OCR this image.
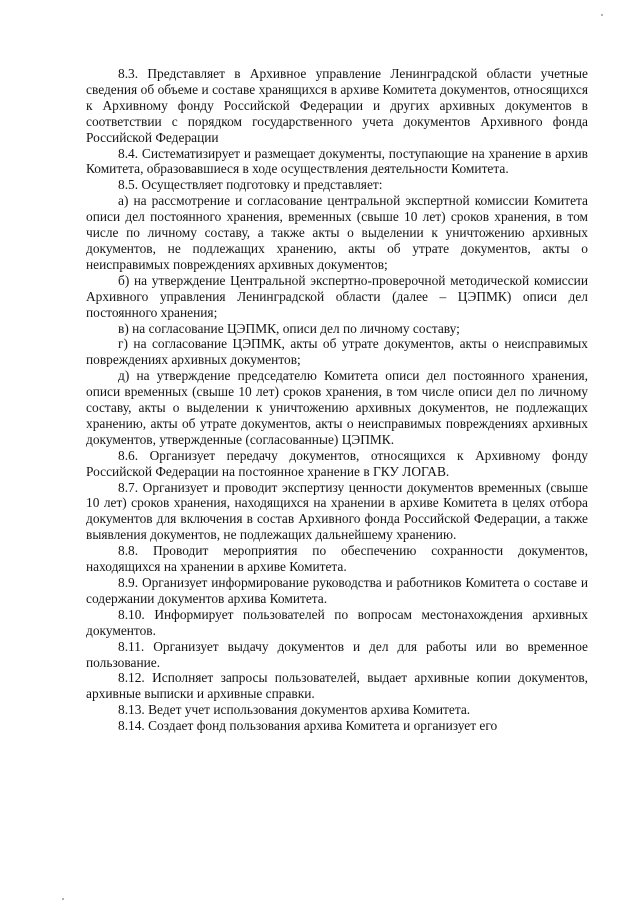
8.3. Представляет в Архивное управление Ленинградской области учетные сведения об объеме и составе хранящихся в архиве Комитета документов, относящихся к Архивному фонду Российской Федерации и других архивных документов в соответствии с порядком государственного учета документов Архивного фонда Российской Федерации

8.4. Систематизирует и размещает документы, поступающие на хранение в архив Комитета, образовавшиеся в ходе осуществления деятельности Комитета.

8.5. Осуществляет подготовку и представляет:

а) на рассмотрение и согласование центральной экспертной комиссии Комитета описи дел постоянного хранения, временных (свыше 10 лет) сроков хранения, в том числе по личному составу, а также акты о выделении к уничтожению архивных документов, не подлежащих хранению, акты об утрате документов, акты о неисправимых повреждениях архивных документов;

б) на утверждение Центральной экспертно-проверочной методической комиссии Архивного управления Ленинградской области (далее – ЦЭПМК) описи дел постоянного хранения;

в) на согласование ЦЭПМК, описи дел по личному составу;

г) на согласование ЦЭПМК, акты об утрате документов, акты о неисправимых повреждениях архивных документов;

д) на утверждение председателю Комитета описи дел постоянного хранения, описи временных (свыше 10 лет) сроков хранения, в том числе описи дел по личному составу, акты о выделении к уничтожению архивных документов, не подлежащих хранению, акты об утрате документов, акты о неисправимых повреждениях архивных документов, утвержденные (согласованные) ЦЭПМК.

8.6. Организует передачу документов, относящихся к Архивному фонду Российской Федерации на постоянное хранение в ГКУ ЛОГАВ.

8.7. Организует и проводит экспертизу ценности документов временных (свыше 10 лет) сроков хранения, находящихся на хранении в архиве Комитета в целях отбора документов для включения в состав Архивного фонда Российской Федерации, а также выявления документов, не подлежащих дальнейшему хранению.

8.8. Проводит мероприятия по обеспечению сохранности документов, находящихся на хранении в архиве Комитета.

8.9. Организует информирование руководства и работников Комитета о составе и содержании документов архива Комитета.

8.10. Информирует пользователей по вопросам местонахождения архивных документов.

8.11. Организует выдачу документов и дел для работы или во временное пользование.

8.12. Исполняет запросы пользователей, выдает архивные копии документов, архивные выписки и архивные справки.

8.13. Ведет учет использования документов архива Комитета.

8.14. Создает фонд пользования архива Комитета и организует его
